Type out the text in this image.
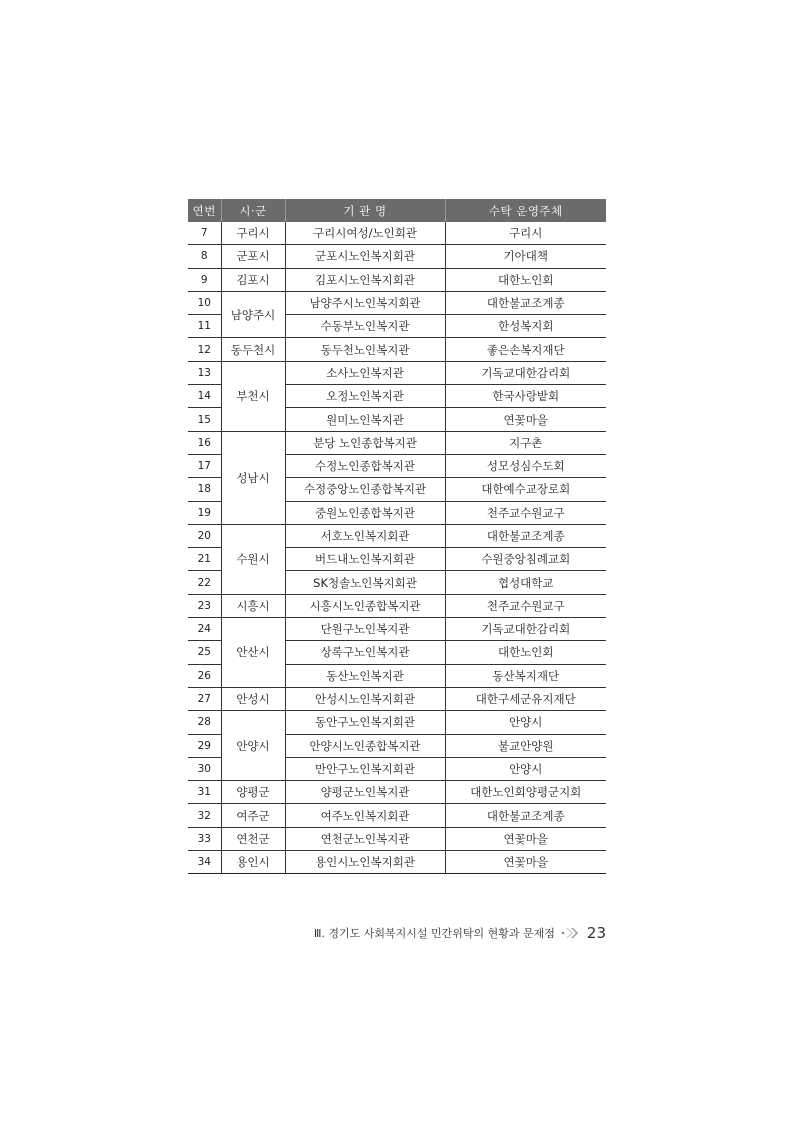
연번	시·군	기 관 명	수탁 운영주체
7	구리시	구리시여성/노인회관	구리시
8	군포시	군포시노인복지회관	기아대책
9	김포시	김포시노인복지회관	대한노인회
10	남양주시	남양주시노인복지회관	대한불교조계종
11		수동부노인복지관	한성복지회
12	동두천시	동두천노인복지관	좋은손복지재단
13	부천시	소사노인복지관	기독교대한감리회
14		오정노인복지관	한국사랑밭회
15		원미노인복지관	연꽃마을
16	성남시	분당 노인종합복지관	지구촌
17		수정노인종합복지관	성모성심수도회
18		수정중앙노인종합복지관	대한예수교장로회
19		중원노인종합복지관	천주교수원교구
20	수원시	서호노인복지회관	대한불교조계종
21		버드내노인복지회관	수원중앙침례교회
22		SK청솔노인복지회관	협성대학교
23	시흥시	시흥시노인종합복지관	천주교수원교구
24	안산시	단원구노인복지관	기독교대한감리회
25		상록구노인복지관	대한노인회
26		동산노인복지관	동산복지재단
27	안성시	안성시노인복지회관	대한구세군유지재단
28	안양시	동안구노인복지회관	안양시
29		안양시노인종합복지관	불교안양원
30		만안구노인복지회관	안양시
31	양평군	양평군노인복지관	대한노인회양평군지회
32	여주군	여주노인복지회관	대한불교조계종
33	연천군	연천군노인복지관	연꽃마을
34	용인시	용인시노인복지회관	연꽃마을
Ⅲ. 경기도 사회복지시설 민간위탁의 현황과 문제점 23
